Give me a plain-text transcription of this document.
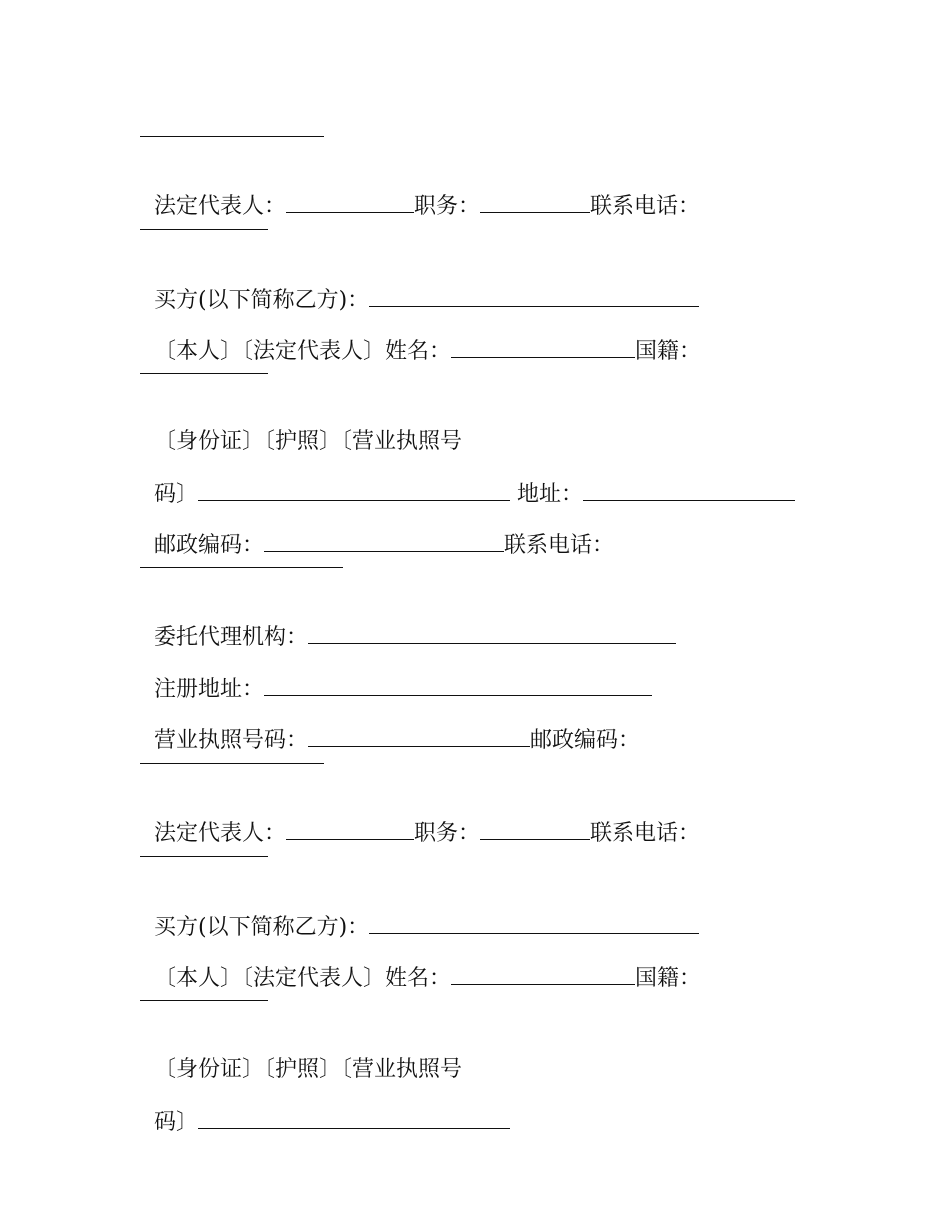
法定代表人：	职务：	联系电话：

买方(以下简称乙方)：

〔本人〕〔法定代表人〕姓名：	国籍：

〔身份证〕〔护照〕〔营业执照号

码〕	地址：

邮政编码：	联系电话：

委托代理机构：

注册地址：

营业执照号码：	邮政编码：

法定代表人：	职务：	联系电话：

买方(以下简称乙方)：

〔本人〕〔法定代表人〕姓名：	国籍：

〔身份证〕〔护照〕〔营业执照号

码〕
